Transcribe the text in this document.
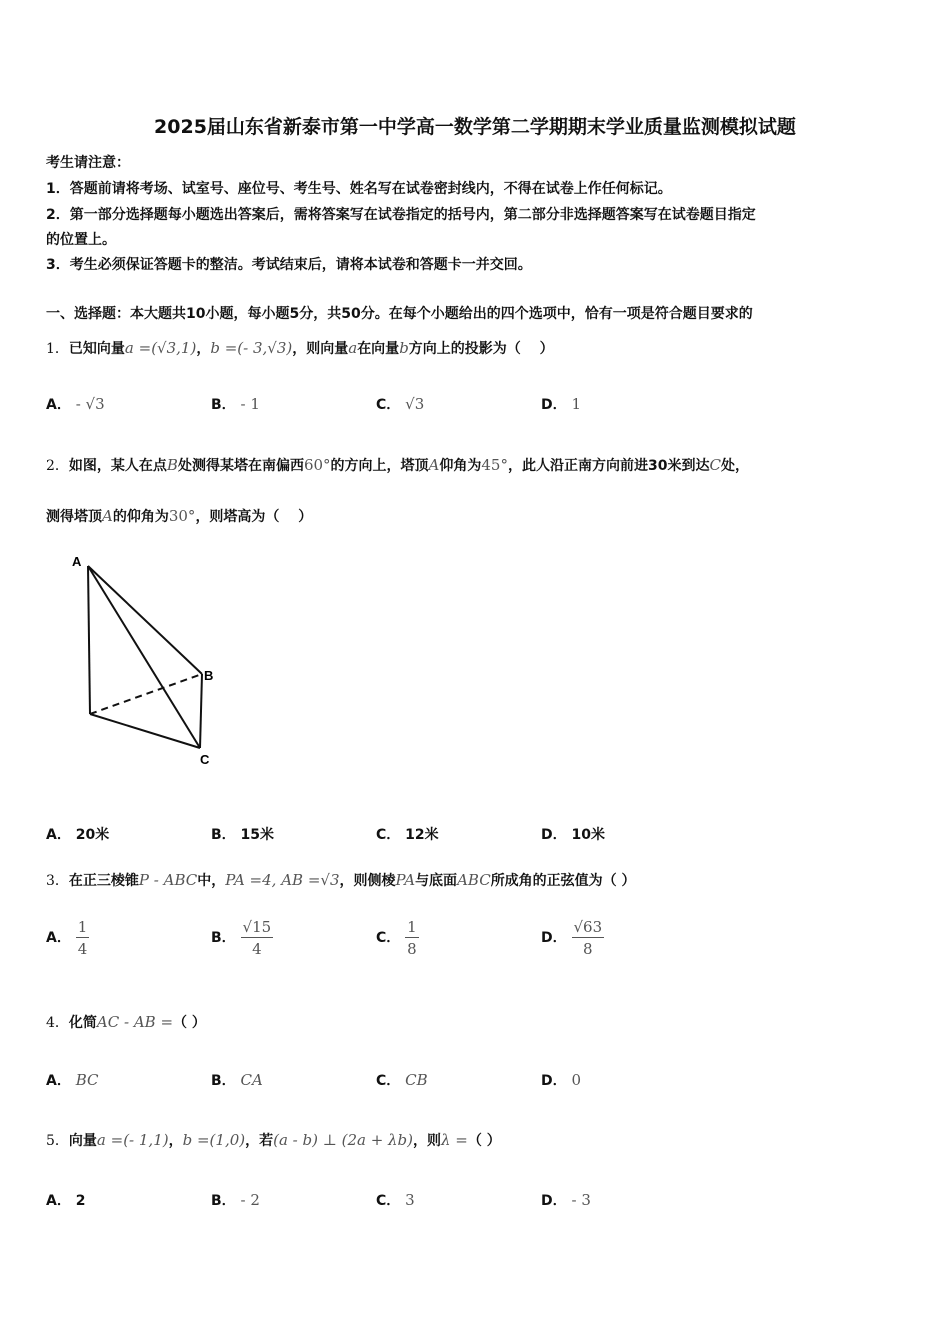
2025届山东省新泰市第一中学高一数学第二学期期末学业质量监测模拟试题
考生请注意：
1．答题前请将考场、试室号、座位号、考生号、姓名写在试卷密封线内，不得在试卷上作任何标记。
2．第一部分选择题每小题选出答案后，需将答案写在试卷指定的括号内，第二部分非选择题答案写在试卷题目指定
的位置上。
3．考生必须保证答题卡的整洁。考试结束后，请将本试卷和答题卡一并交回。
一、选择题：本大题共10小题，每小题5分，共50分。在每个小题给出的四个选项中，恰有一项是符合题目要求的
1．已知向量a =(√3,1)，b =(- 3,√3)，则向量a在向量b方向上的投影为（　 ）
A． - √3	B． - 1	C． √3	D． 1
2．如图，某人在点B处测得某塔在南偏西60°的方向上，塔顶A仰角为45°，此人沿正南方向前进30米到达C处，
测得塔顶A的仰角为30°，则塔高为（　 ）
A
B
C
A． 20米	B． 15米	C． 12米	D． 10米
3．在正三棱锥P - ABC中，PA =4, AB =√3，则侧棱PA与底面ABC所成角的正弦值为（ ）
A． $\frac{1}{4}$	B． $\frac{√15}{4}$	C． $\frac{1}{8}$	D． $\frac{√63}{8}$
4．化简AC - AB =（ ）
A． BC	B． CA	C． CB	D． 0
5．向量a =(- 1,1)，b =(1,0)，若(a - b) ⊥ (2a + λb)，则λ =（ ）
A． 2	B． - 2	C． 3	D． - 3
